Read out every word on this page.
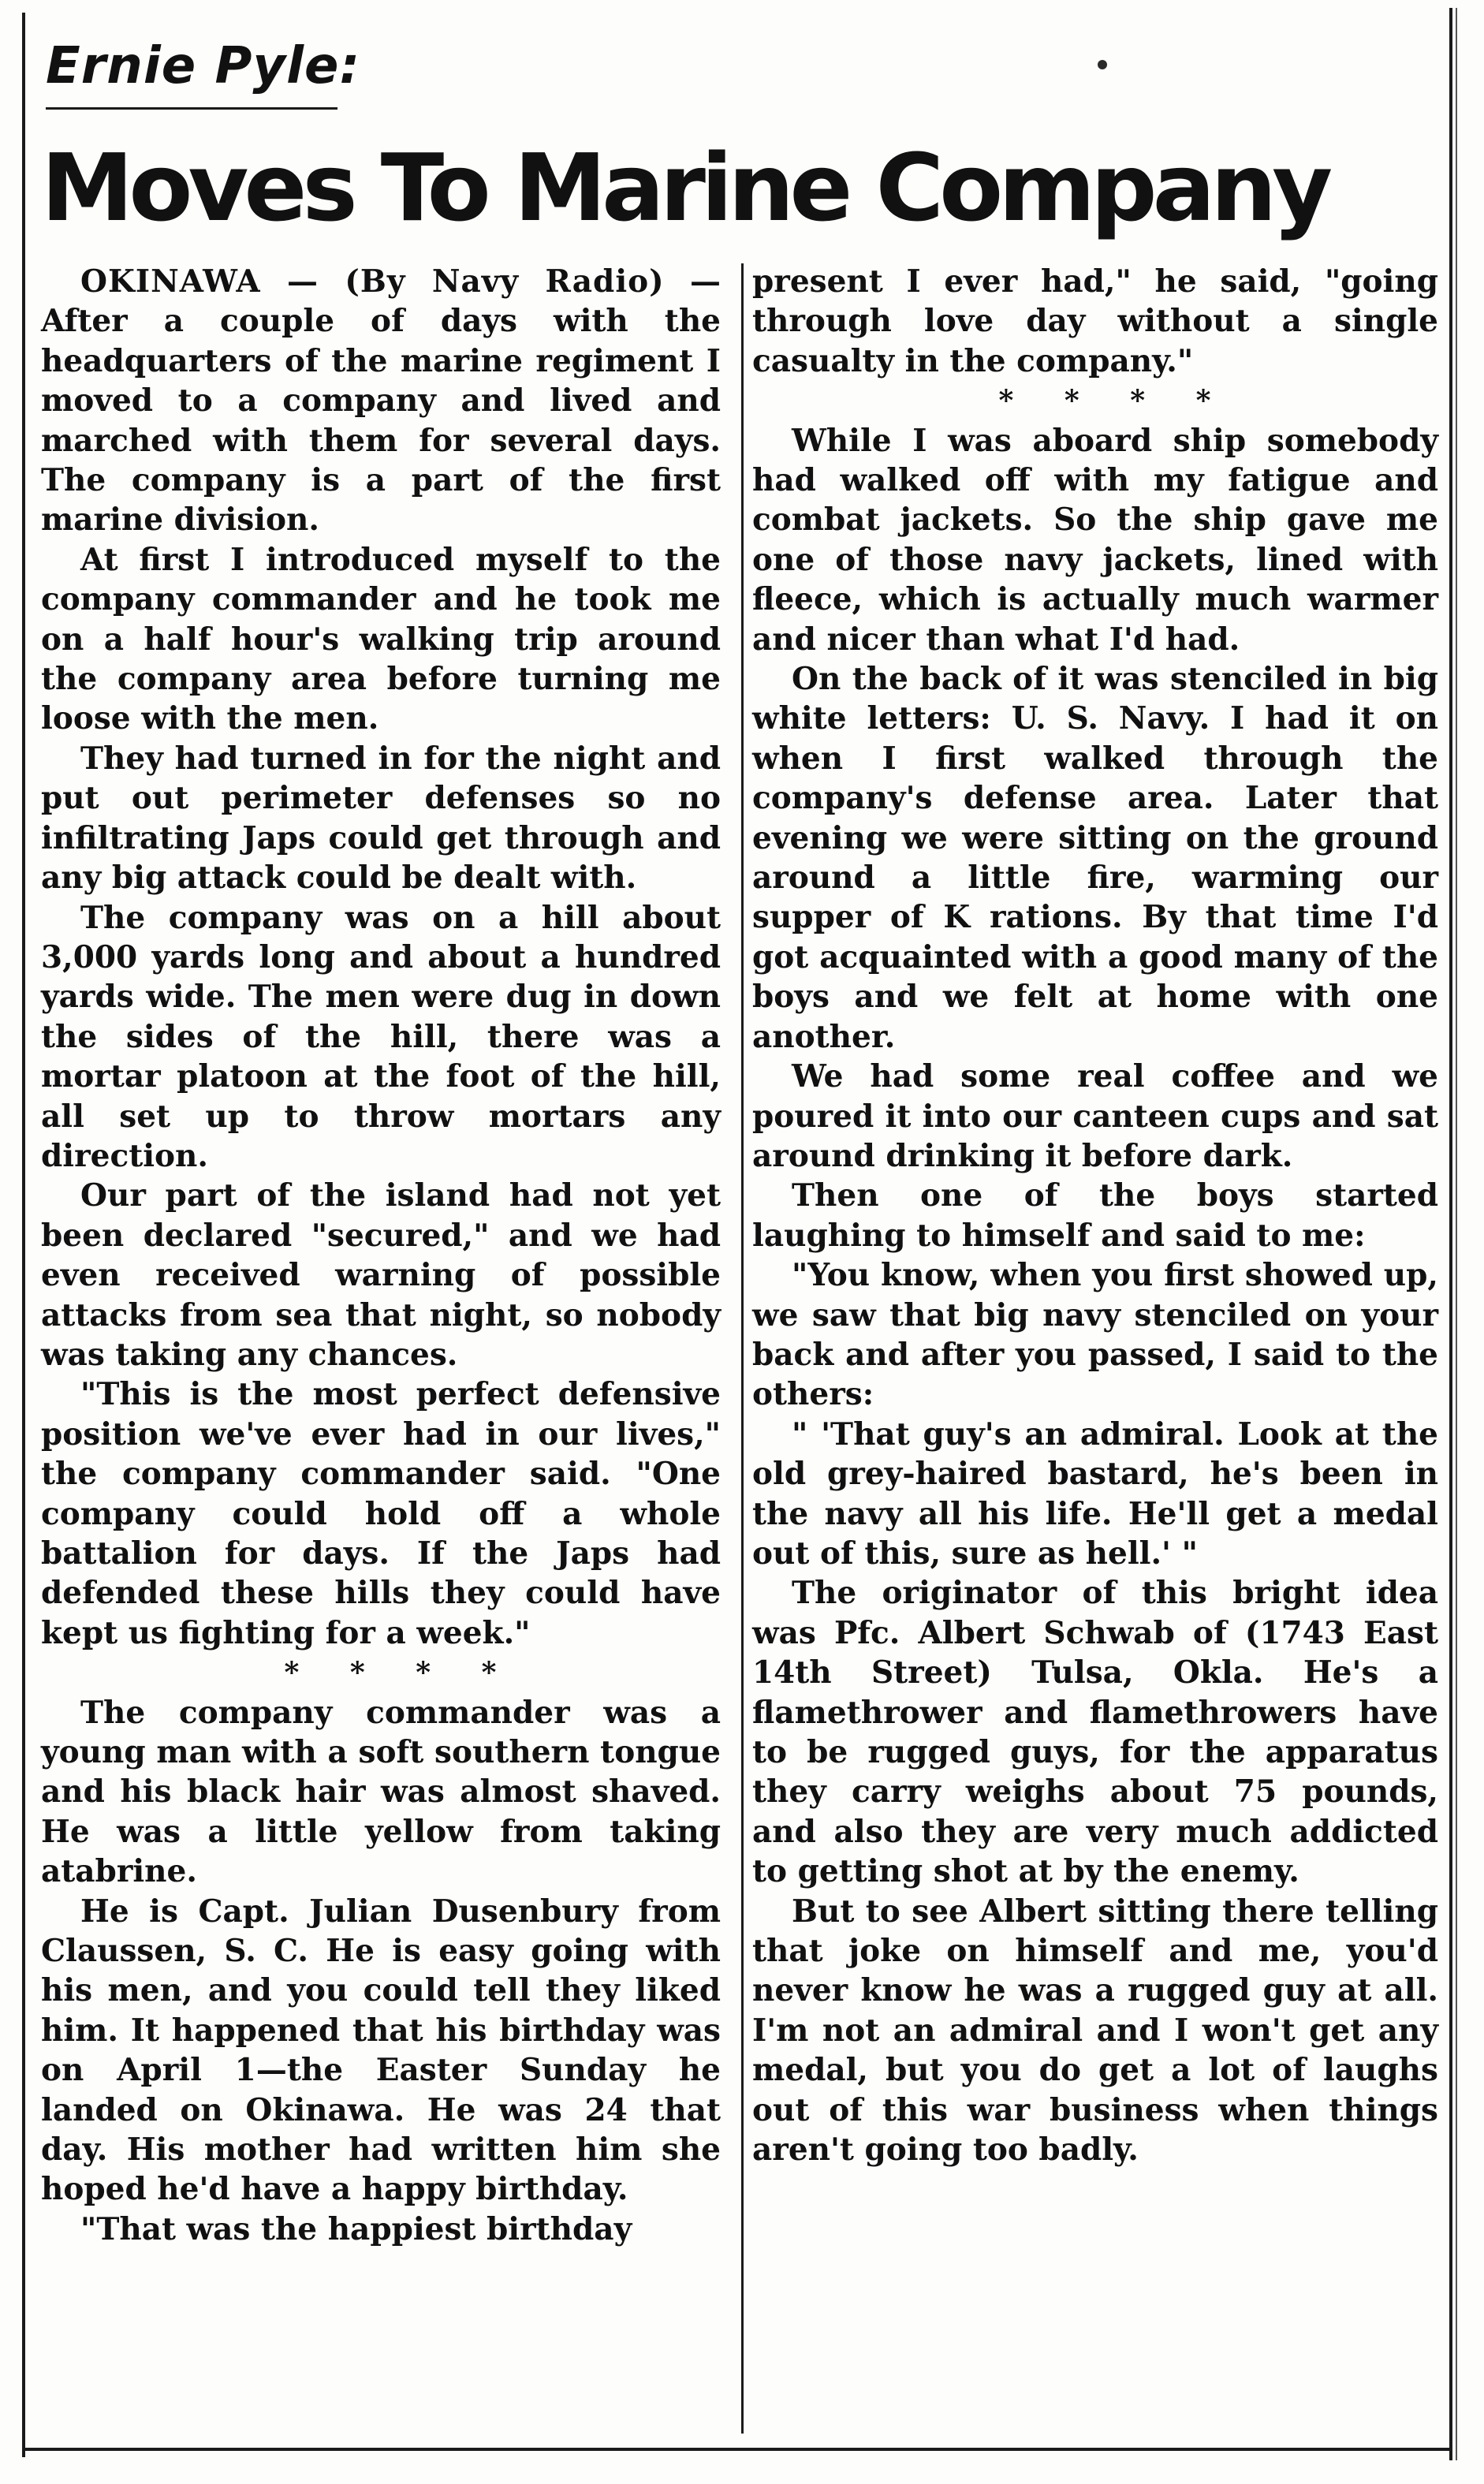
Ernie Pyle:
Moves To Marine Company

OKINAWA — (By Navy Radio) — After a couple of days with the headquarters of the marine regiment I moved to a company and lived and marched with them for several days. The company is a part of the first marine division.

At first I introduced myself to the company commander and he took me on a half hour's walking trip around the company area before turning me loose with the men.

They had turned in for the night and put out perimeter defenses so no infiltrating Japs could get through and any big attack could be dealt with.

The company was on a hill about 3,000 yards long and about a hundred yards wide. The men were dug in down the sides of the hill, there was a mortar platoon at the foot of the hill, all set up to throw mortars any direction.

Our part of the island had not yet been declared "secured," and we had even received warning of possible attacks from sea that night, so nobody was taking any chances.

"This is the most perfect defensive position we've ever had in our lives," the company commander said. "One company could hold off a whole battalion for days. If the Japs had defended these hills they could have kept us fighting for a week."

* * * *

The company commander was a young man with a soft southern tongue and his black hair was almost shaved. He was a little yellow from taking atabrine.

He is Capt. Julian Dusenbury from Claussen, S. C. He is easy going with his men, and you could tell they liked him. It happened that his birthday was on April 1—the Easter Sunday he landed on Okinawa. He was 24 that day. His mother had written him she hoped he'd have a happy birthday.

"That was the happiest birthday

present I ever had," he said, "going through love day without a single casualty in the company."

* * * *

While I was aboard ship somebody had walked off with my fatigue and combat jackets. So the ship gave me one of those navy jackets, lined with fleece, which is actually much warmer and nicer than what I'd had.

On the back of it was stenciled in big white letters: U. S. Navy. I had it on when I first walked through the company's defense area. Later that evening we were sitting on the ground around a little fire, warming our supper of K rations. By that time I'd got acquainted with a good many of the boys and we felt at home with one another.

We had some real coffee and we poured it into our canteen cups and sat around drinking it before dark.

Then one of the boys started laughing to himself and said to me:

"You know, when you first showed up, we saw that big navy stenciled on your back and after you passed, I said to the others:

" 'That guy's an admiral. Look at the old grey-haired bastard, he's been in the navy all his life. He'll get a medal out of this, sure as hell.' "

The originator of this bright idea was Pfc. Albert Schwab of (1743 East 14th Street) Tulsa, Okla. He's a flamethrower and flamethrowers have to be rugged guys, for the apparatus they carry weighs about 75 pounds, and also they are very much addicted to getting shot at by the enemy.

But to see Albert sitting there telling that joke on himself and me, you'd never know he was a rugged guy at all. I'm not an admiral and I won't get any medal, but you do get a lot of laughs out of this war business when things aren't going too badly.
